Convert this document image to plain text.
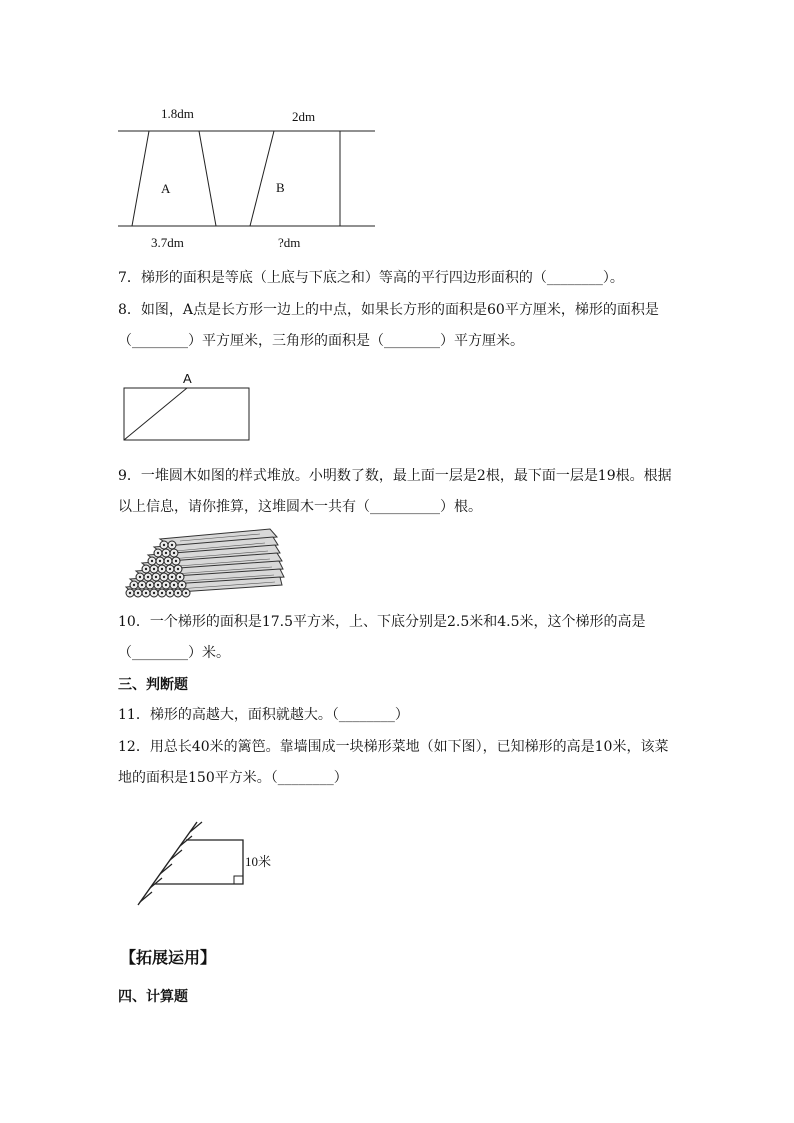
1.8dm	2dm
A	B
3.7dm	?dm
7．梯形的面积是等底（上底与下底之和）等高的平行四边形面积的（________）。
8．如图，A点是长方形一边上的中点，如果长方形的面积是60平方厘米，梯形的面积是
（________）平方厘米，三角形的面积是（________）平方厘米。
A
9．一堆圆木如图的样式堆放。小明数了数，最上面一层是2根，最下面一层是19根。根据
以上信息，请你推算，这堆圆木一共有（__________）根。
10．一个梯形的面积是17.5平方米，上、下底分别是2.5米和4.5米，这个梯形的高是
（________）米。
三、判断题
11．梯形的高越大，面积就越大。（________）
12．用总长40米的篱笆。靠墙围成一块梯形菜地（如下图），已知梯形的高是10米，该菜
地的面积是150平方米。（________）
10米
【拓展运用】
四、计算题
